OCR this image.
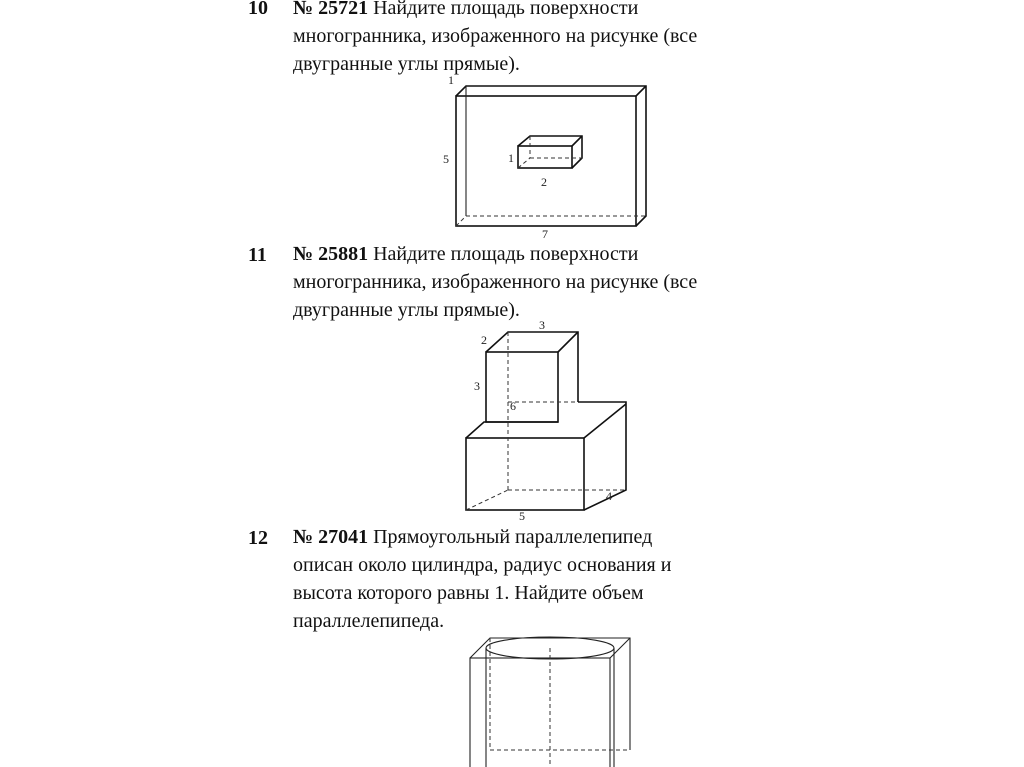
10 № 25721 Найдите площадь поверхности
многогранника, изображенного на рисунке (все
двугранные углы прямые).
1
5
7
1
2
11 № 25881 Найдите площадь поверхности
многогранника, изображенного на рисунке (все
двугранные углы прямые).
2
3
3
6
4
5
12 № 27041 Прямоугольный параллелепипед
описан около цилиндра, радиус основания и
высота которого равны 1. Найдите объем
параллелепипеда.
